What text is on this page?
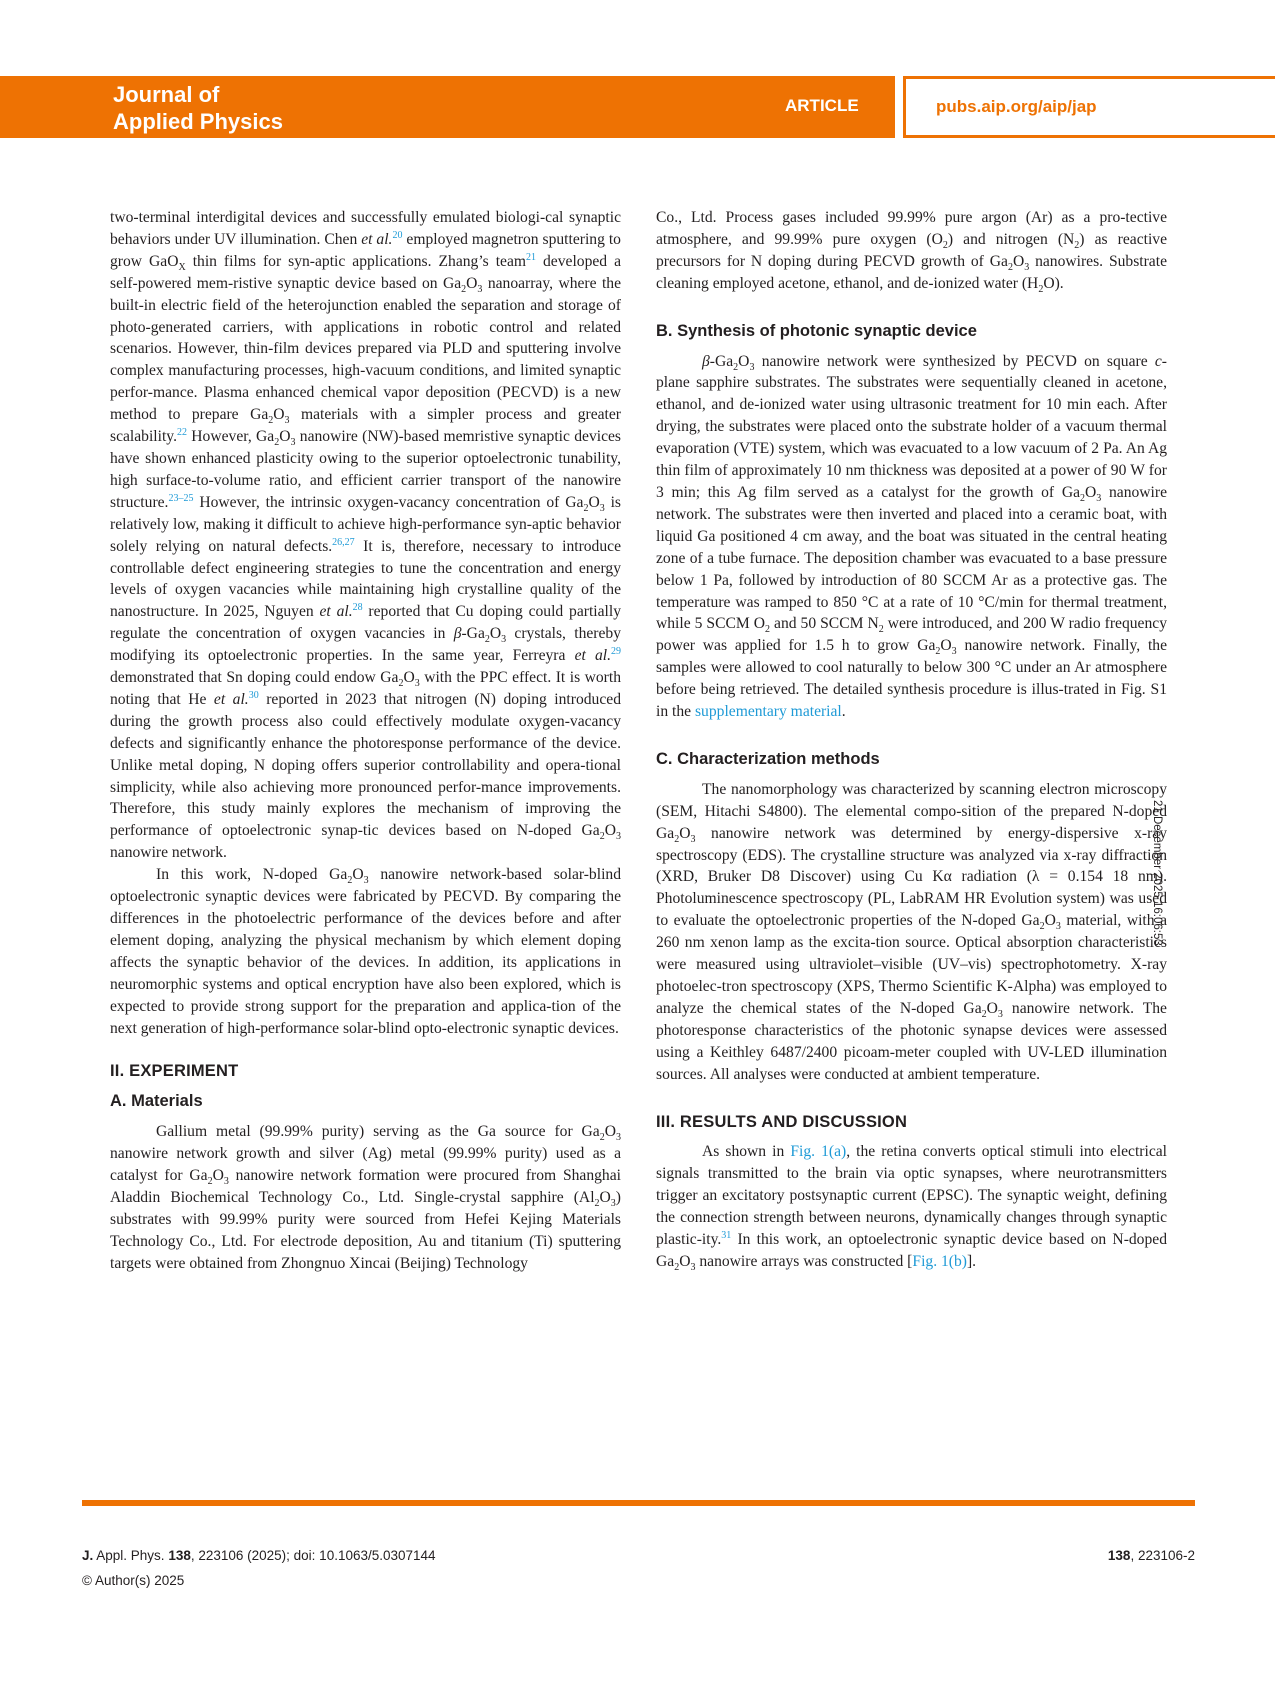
Journal of
Applied Physics
ARTICLE	pubs.aip.org/aip/jap

two-terminal interdigital devices and successfully emulated biologi-cal synaptic behaviors under UV illumination. Chen et al.$^{20}$ employed magnetron sputtering to grow GaO$_X$ thin films for syn-aptic applications. Zhang’s team$^{21}$ developed a self-powered mem-ristive synaptic device based on $Ga_2O_3$ nanoarray, where the built-in electric field of the heterojunction enabled the separation and storage of photo-generated carriers, with applications in robotic control and related scenarios. However, thin-film devices prepared via PLD and sputtering involve complex manufacturing processes, high-vacuum conditions, and limited synaptic perfor-mance. Plasma enhanced chemical vapor deposition (PECVD) is a new method to prepare $Ga_2O_3$ materials with a simpler process and greater scalability.$^{22}$ However, $Ga_2O_3$ nanowire (NW)-based memristive synaptic devices have shown enhanced plasticity owing to the superior optoelectronic tunability, high surface-to-volume ratio, and efficient carrier transport of the nanowire structure.$^{23-25}$ However, the intrinsic oxygen-vacancy concentration of $Ga_2O_3$ is relatively low, making it difficult to achieve high-performance syn-aptic behavior solely relying on natural defects.$^{26,27}$ It is, therefore, necessary to introduce controllable defect engineering strategies to tune the concentration and energy levels of oxygen vacancies while maintaining high crystalline quality of the nanostructure. In 2025, Nguyen et al.$^{28}$ reported that Cu doping could partially regulate the concentration of oxygen vacancies in $\beta-Ga_2O_3$ crystals, thereby modifying its optoelectronic properties. In the same year, Ferreyra et al.$^{29}$ demonstrated that Sn doping could endow $Ga_2O_3$ with the PPC effect. It is worth noting that He et al.$^{30}$ reported in 2023 that nitrogen (N) doping introduced during the growth process also could effectively modulate oxygen-vacancy defects and significantly enhance the photoresponse performance of the device. Unlike metal doping, N doping offers superior controllability and opera-tional simplicity, while also achieving more pronounced perfor-mance improvements. Therefore, this study mainly explores the mechanism of improving the performance of optoelectronic synap-tic devices based on N-doped $Ga_2O_3$ nanowire network.

In this work, N-doped $Ga_2O_3$ nanowire network-based solar-blind optoelectronic synaptic devices were fabricated by PECVD. By comparing the differences in the photoelectric performance of the devices before and after element doping, analyzing the physical mechanism by which element doping affects the synaptic behavior of the devices. In addition, its applications in neuromorphic systems and optical encryption have also been explored, which is expected to provide strong support for the preparation and applica-tion of the next generation of high-performance solar-blind opto-electronic synaptic devices.

II. EXPERIMENT
A. Materials

Gallium metal (99.99% purity) serving as the Ga source for $Ga_2O_3$ nanowire network growth and silver (Ag) metal (99.99% purity) used as a catalyst for $Ga_2O_3$ nanowire network formation were procured from Shanghai Aladdin Biochemical Technology Co., Ltd. Single-crystal sapphire $(Al_2O_3)$ substrates with 99.99% purity were sourced from Hefei Kejing Materials Technology Co., Ltd. For electrode deposition, Au and titanium (Ti) sputtering targets were obtained from Zhongnuo Xincai (Beijing) Technology

Co., Ltd. Process gases included 99.99% pure argon (Ar) as a pro-tective atmosphere, and 99.99% pure oxygen $(O_2)$ and nitrogen $(N_2)$ as reactive precursors for N doping during PECVD growth of $Ga_2O_3$ nanowires. Substrate cleaning employed acetone, ethanol, and de-ionized water $(H_2O)$.

B. Synthesis of photonic synaptic device

$\beta-Ga_2O_3$ nanowire network were synthesized by PECVD on square c-plane sapphire substrates. The substrates were sequentially cleaned in acetone, ethanol, and de-ionized water using ultrasonic treatment for 10 min each. After drying, the substrates were placed onto the substrate holder of a vacuum thermal evaporation (VTE) system, which was evacuated to a low vacuum of 2 Pa. An Ag thin film of approximately 10 nm thickness was deposited at a power of 90 W for 3 min; this Ag film served as a catalyst for the growth of $Ga_2O_3$ nanowire network. The substrates were then inverted and placed into a ceramic boat, with liquid Ga positioned 4 cm away, and the boat was situated in the central heating zone of a tube furnace. The deposition chamber was evacuated to a base pressure below 1 Pa, followed by introduction of 80 SCCM Ar as a protective gas. The temperature was ramped to 850 °C at a rate of 10 °C/min for thermal treatment, while 5 SCCM $O_2$ and 50 SCCM $N_2$ were introduced, and 200 W radio frequency power was applied for 1.5 h to grow $Ga_2O_3$ nanowire network. Finally, the samples were allowed to cool naturally to below 300 °C under an Ar atmosphere before being retrieved. The detailed synthesis procedure is illus-trated in Fig. S1 in the supplementary material.

C. Characterization methods

The nanomorphology was characterized by scanning electron microscopy (SEM, Hitachi S4800). The elemental compo-sition of the prepared N-doped $Ga_2O_3$ nanowire network was determined by energy-dispersive x-ray spectroscopy (EDS). The crystalline structure was analyzed via x-ray diffraction (XRD, Bruker D8 Discover) using Cu Kα radiation (λ = 0.154 18 nm). Photoluminescence spectroscopy (PL, LabRAM HR Evolution system) was used to evaluate the optoelectronic properties of the N-doped $Ga_2O_3$ material, with a 260 nm xenon lamp as the excita-tion source. Optical absorption characteristics were measured using ultraviolet–visible (UV–vis) spectrophotometry. X-ray photoelec-tron spectroscopy (XPS, Thermo Scientific K-Alpha) was employed to analyze the chemical states of the N-doped $Ga_2O_3$ nanowire network. The photoresponse characteristics of the photonic synapse devices were assessed using a Keithley 6487/2400 picoam-meter coupled with UV-LED illumination sources. All analyses were conducted at ambient temperature.

III. RESULTS AND DISCUSSION

As shown in Fig. 1(a), the retina converts optical stimuli into electrical signals transmitted to the brain via optic synapses, where neurotransmitters trigger an excitatory postsynaptic current (EPSC). The synaptic weight, defining the connection strength between neurons, dynamically changes through synaptic plastic-ity.$^{31}$ In this work, an optoelectronic synaptic device based on N-doped $Ga_2O_3$ nanowire arrays was constructed [Fig. 1(b)].

21 December 2025 16:06:53
J. Appl. Phys. 138, 223106 (2025); doi: 10.1063/5.0307144
© Author(s) 2025
138, 223106-2
